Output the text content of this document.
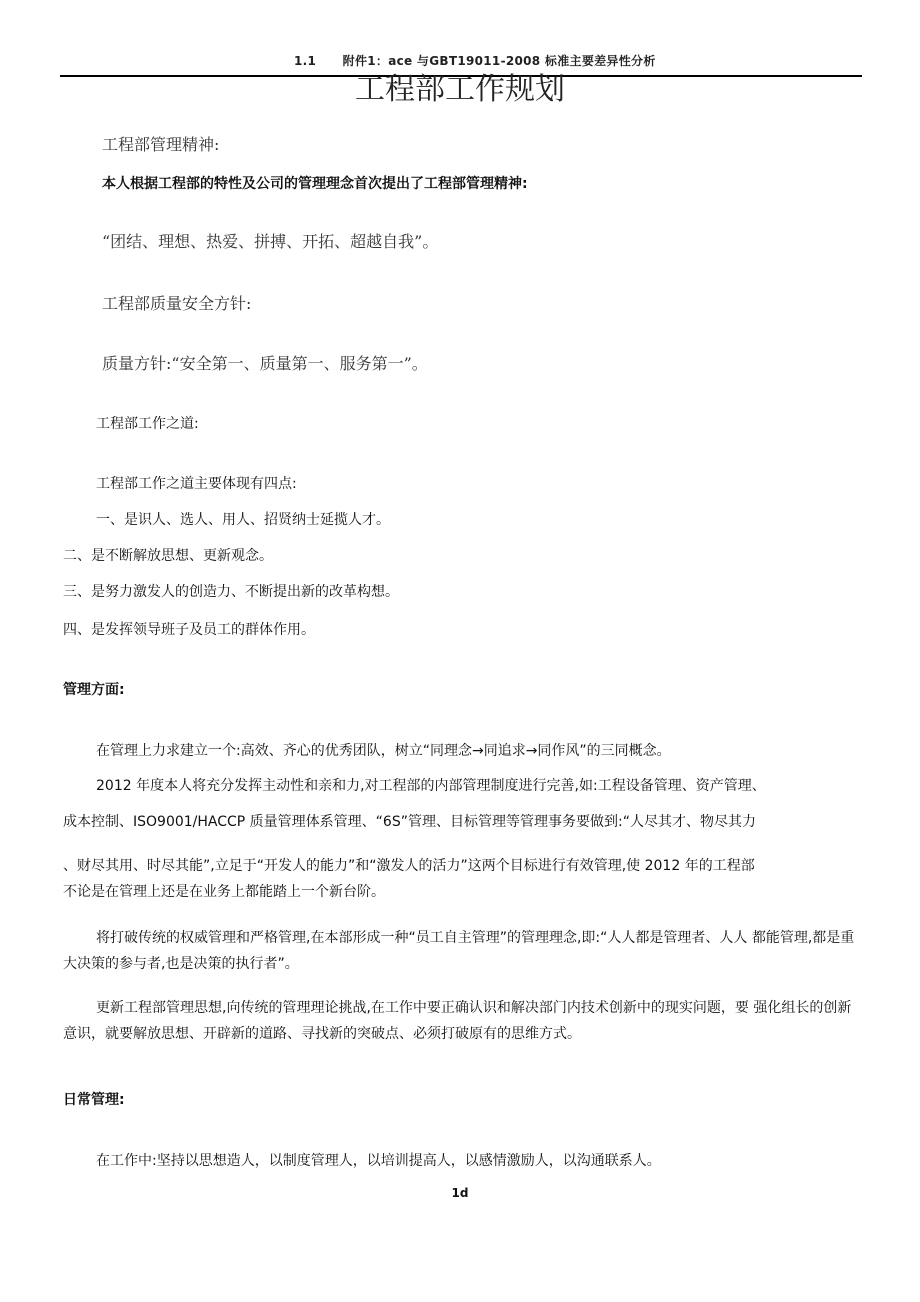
1.1 附件1：ace 与GBT19011-2008 标准主要差异性分析
工程部工作规划
工程部管理精神:
本人根据工程部的特性及公司的管理理念首次提出了工程部管理精神:
“团结、理想、热爱、拼搏、开拓、超越自我”。
工程部质量安全方针:
质量方针:“安全第一、质量第一、服务第一”。
工程部工作之道:
工程部工作之道主要体现有四点:
一、是识人、选人、用人、招贤纳士延揽人才。
二、是不断解放思想、更新观念。
三、是努力激发人的创造力、不断提出新的改革构想。
四、是发挥领导班子及员工的群体作用。
管理方面:
在管理上力求建立一个:高效、齐心的优秀团队，树立“同理念→同追求→同作风”的三同概念。
2012 年度本人将充分发挥主动性和亲和力,对工程部的内部管理制度进行完善,如:工程设备管理、资产管理、
成本控制、ISO9001/HACCP 质量管理体系管理、“6S”管理、目标管理等管理事务要做到:“人尽其才、物尽其力
、财尽其用、时尽其能”,立足于“开发人的能力”和“激发人的活力”这两个目标进行有效管理,使 2012 年的工程部
不论是在管理上还是在业务上都能踏上一个新台阶。
将打破传统的权威管理和严格管理,在本部形成一种“员工自主管理”的管理理念,即:“人人都是管理者、人人 都能管理,都是重大决策的参与者,也是决策的执行者”。
更新工程部管理思想,向传统的管理理论挑战,在工作中要正确认识和解决部门内技术创新中的现实问题，要 强化组长的创新意识，就要解放思想、开辟新的道路、寻找新的突破点、必须打破原有的思维方式。
日常管理:
在工作中:坚持以思想造人，以制度管理人，以培训提高人，以感情激励人，以沟通联系人。
1d
